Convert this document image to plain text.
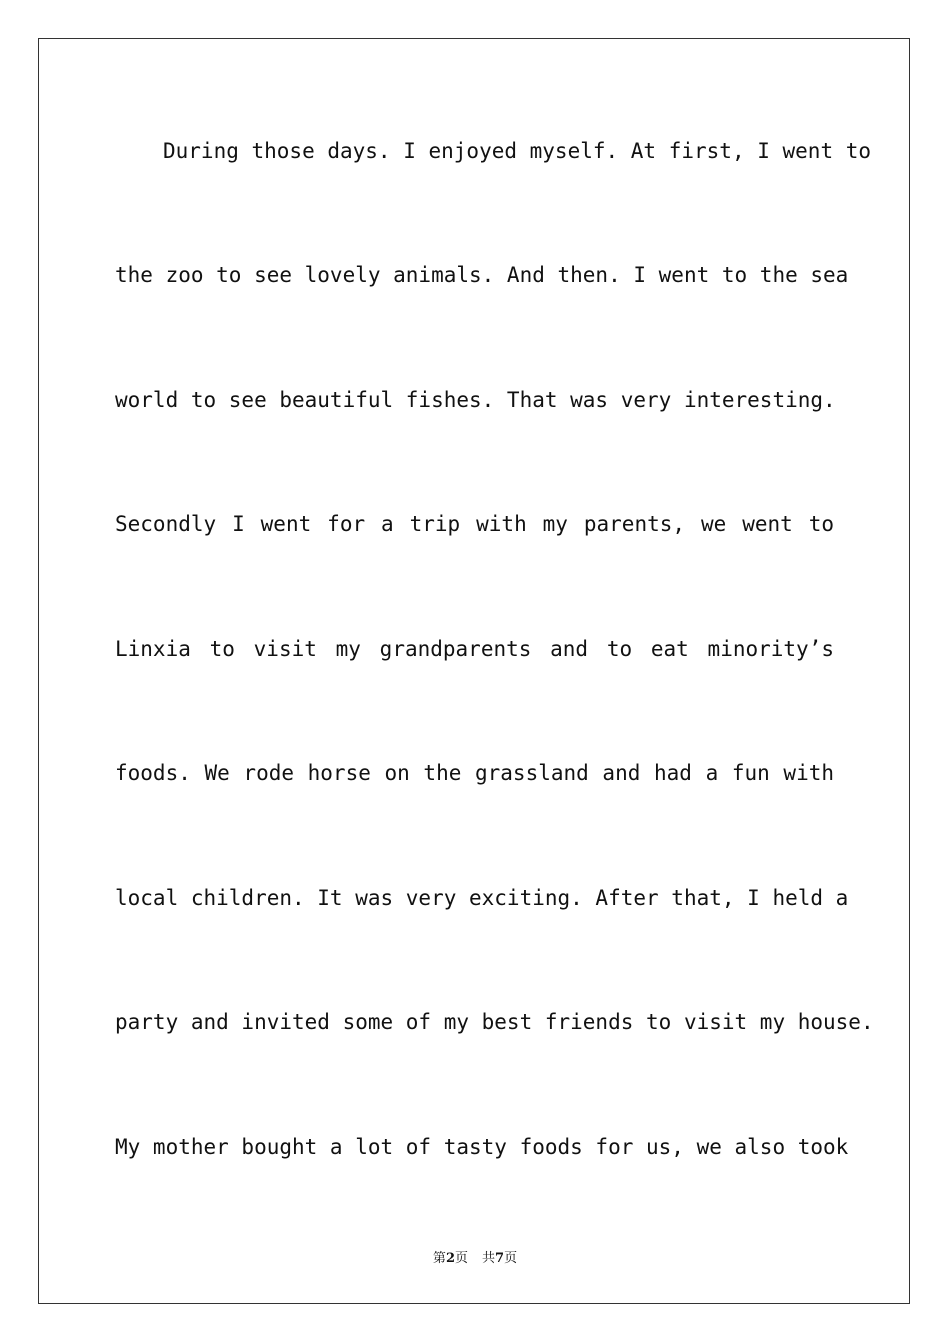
During those days. I enjoyed myself. At first, I went to
the zoo to see lovely animals. And then. I went to the sea
world to see beautiful fishes. That was very interesting.
Secondly I went for a trip with my parents, we went to
Linxia to visit my grandparents and to eat minority’s
foods. We rode horse on the grassland and had a fun with
local children. It was very exciting. After that, I held a
party and invited some of my best friends to visit my house.
My mother bought a lot of tasty foods for us, we also took
第2页 共7页
